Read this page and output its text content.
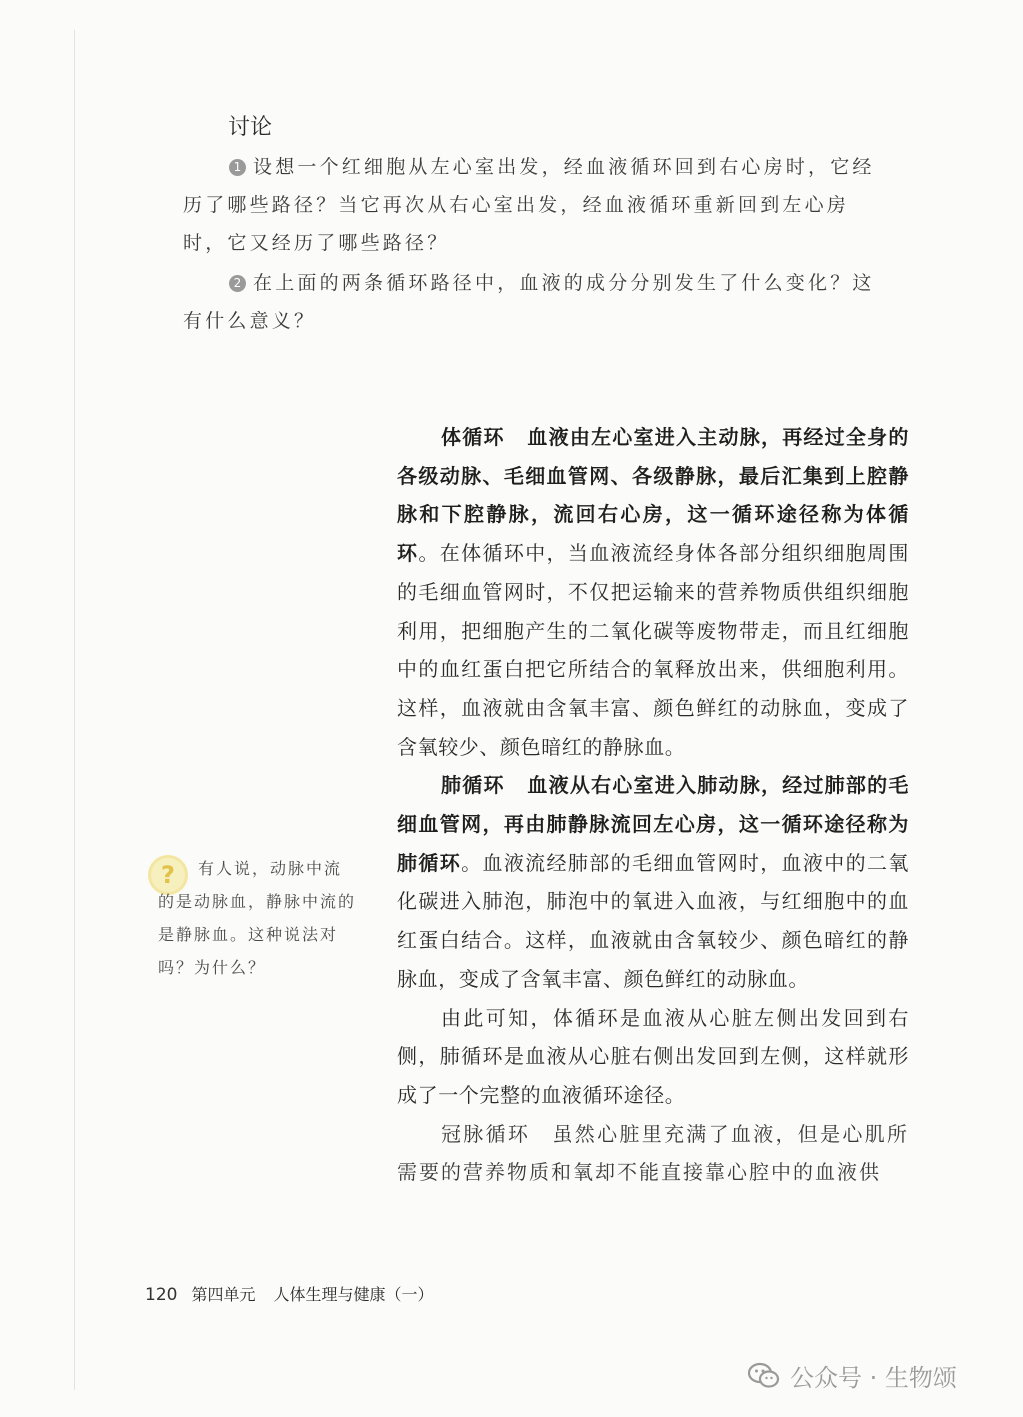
讨论

1 设想一个红细胞从左心室出发，经血液循环回到右心房时，它经历了哪些路径？当它再次从右心室出发，经血液循环重新回到左心房时，它又经历了哪些路径？

2 在上面的两条循环路径中，血液的成分分别发生了什么变化？这有什么意义？

体循环 血液由左心室进入主动脉，再经过全身的各级动脉、毛细血管网、各级静脉，最后汇集到上腔静脉和下腔静脉，流回右心房，这一循环途径称为体循环。在体循环中，当血液流经身体各部分组织细胞周围的毛细血管网时，不仅把运输来的营养物质供组织细胞利用，把细胞产生的二氧化碳等废物带走，而且红细胞中的血红蛋白把它所结合的氧释放出来，供细胞利用。这样，血液就由含氧丰富、颜色鲜红的动脉血，变成了含氧较少、颜色暗红的静脉血。

肺循环 血液从右心室进入肺动脉，经过肺部的毛细血管网，再由肺静脉流回左心房，这一循环途径称为肺循环。血液流经肺部的毛细血管网时，血液中的二氧化碳进入肺泡，肺泡中的氧进入血液，与红细胞中的血红蛋白结合。这样，血液就由含氧较少、颜色暗红的静脉血，变成了含氧丰富、颜色鲜红的动脉血。

由此可知，体循环是血液从心脏左侧出发回到右侧，肺循环是血液从心脏右侧出发回到左侧，这样就形成了一个完整的血液循环途径。

冠脉循环 虽然心脏里充满了血液，但是心肌所需要的营养物质和氧却不能直接靠心腔中的血液供

?	有人说，动脉中流的是动脉血，静脉中流的是静脉血。这种说法对吗？为什么？

120 第四单元 人体生理与健康（一）
公众号 · 生物颂
